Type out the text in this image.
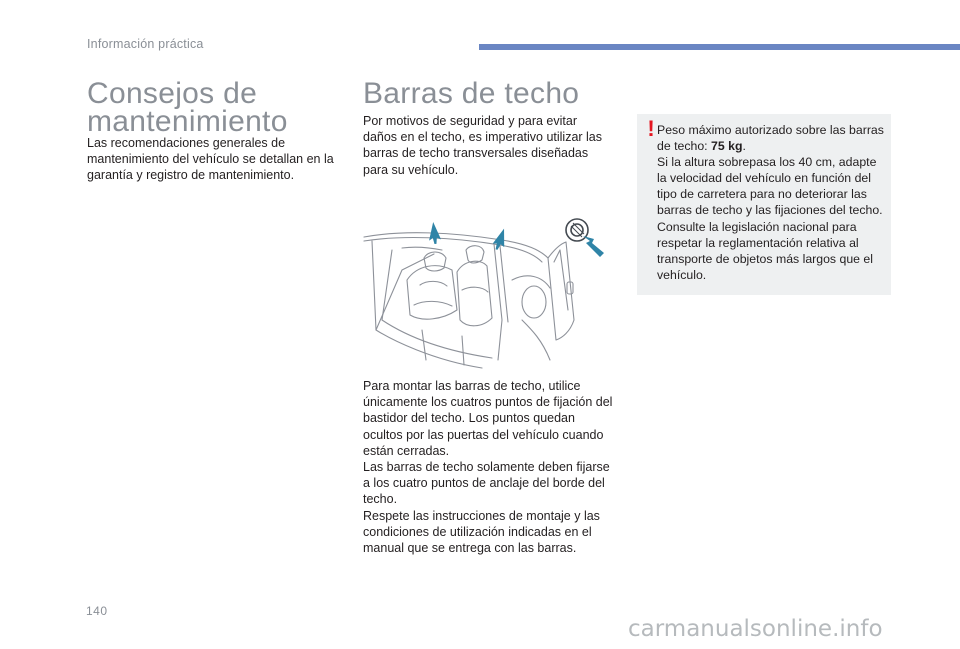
Información práctica
Consejos de
mantenimiento

Las recomendaciones generales de mantenimiento del vehículo se detallan en la garantía y registro de mantenimiento.

Barras de techo

Por motivos de seguridad y para evitar daños en el techo, es imperativo utilizar las barras de techo transversales diseñadas para su vehículo.

Para montar las barras de techo, utilice únicamente los cuatros puntos de fijación del bastidor del techo. Los puntos quedan ocultos por las puertas del vehículo cuando están cerradas.
Las barras de techo solamente deben fijarse a los cuatro puntos de anclaje del borde del techo.
Respete las instrucciones de montaje y las condiciones de utilización indicadas en el manual que se entrega con las barras.

! Peso máximo autorizado sobre las barras de techo: 75 kg.
Si la altura sobrepasa los 40 cm, adapte la velocidad del vehículo en función del tipo de carretera para no deteriorar las barras de techo y las fijaciones del techo.
Consulte la legislación nacional para respetar la reglamentación relativa al transporte de objetos más largos que el vehículo.

140
carmanualsonline.info
